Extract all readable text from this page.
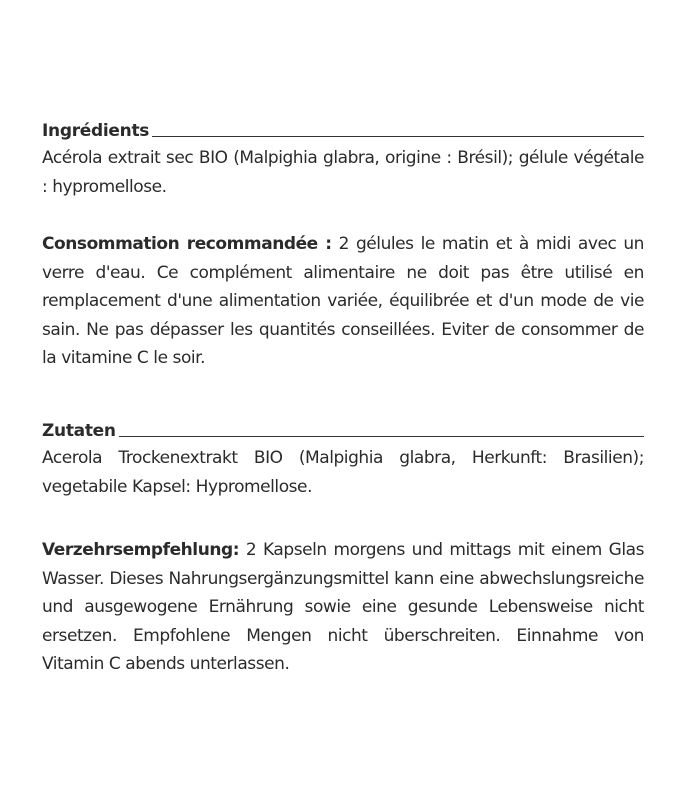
Ingrédients

Acérola extrait sec BIO (Malpighia glabra, origine : Brésil); gélule végétale : hypromellose.

Consommation recommandée : 2 gélules le matin et à midi avec un verre d'eau. Ce complément alimentaire ne doit pas être utilisé en remplacement d'une alimentation variée, équilibrée et d'un mode de vie sain. Ne pas dépasser les quantités conseillées. Eviter de consommer de la vitamine C le soir.

Zutaten

Acerola Trockenextrakt BIO (Malpighia glabra, Herkunft: Brasilien); vegetabile Kapsel: Hypromellose.

Verzehrsempfehlung: 2 Kapseln morgens und mittags mit einem Glas Wasser. Dieses Nahrungsergänzungsmittel kann eine abwechslungsreiche und ausgewogene Ernährung sowie eine gesunde Lebensweise nicht ersetzen. Empfohlene Mengen nicht überschreiten. Einnahme von Vitamin C abends unterlassen.
